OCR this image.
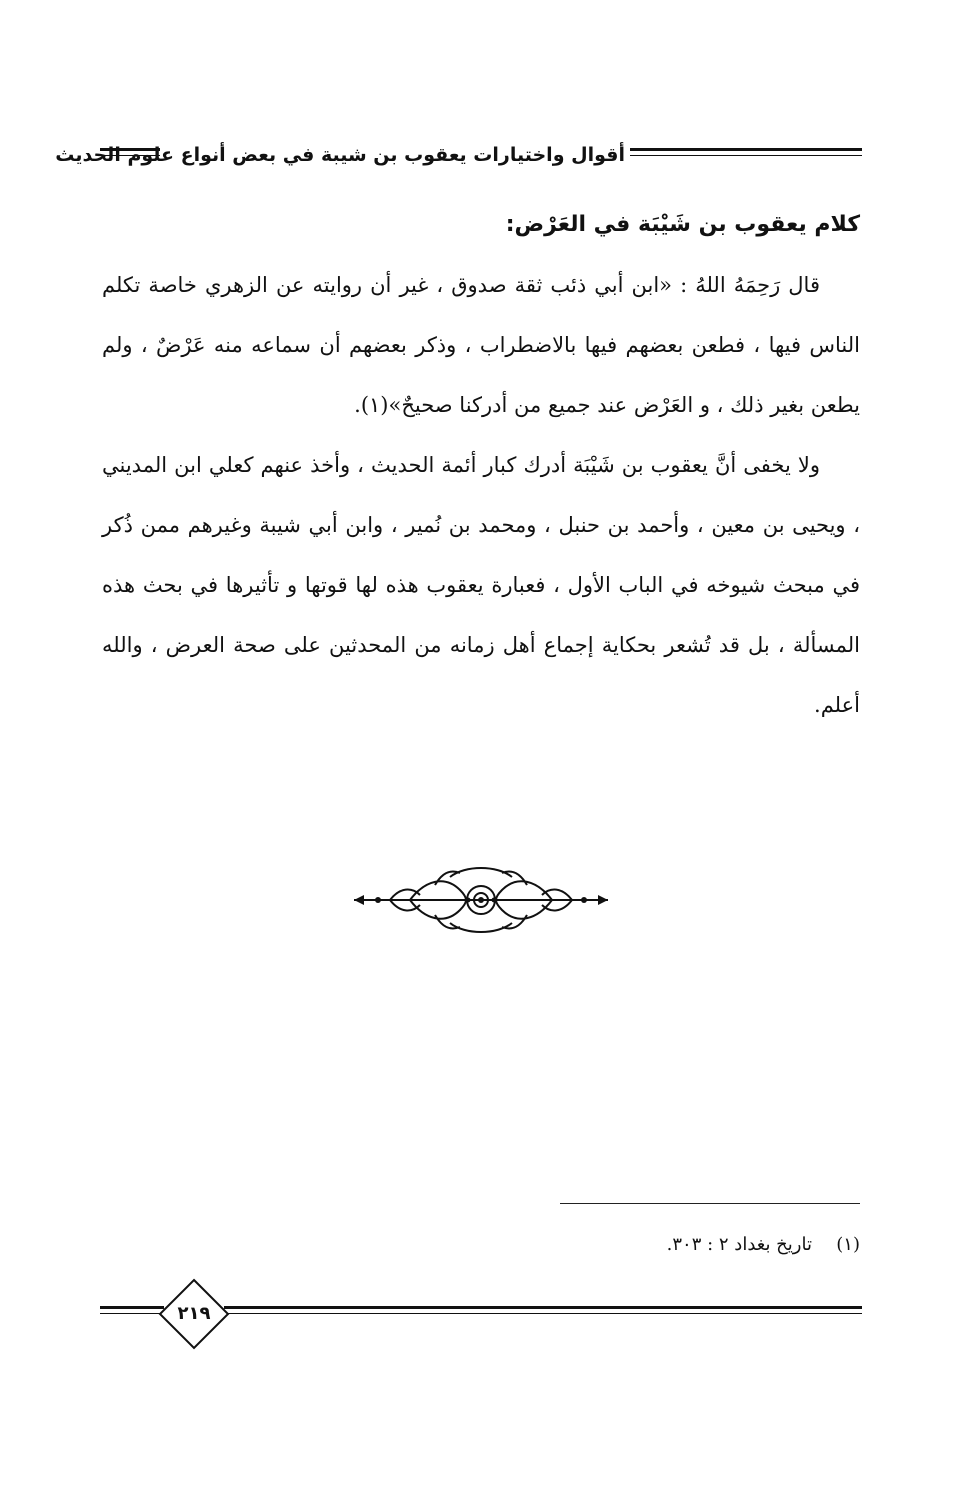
أقوال واختيارات يعقوب بن شيبة في بعض أنواع علوم الحديث
كلام يعقوب بن شَيْبَة في العَرْض:
قال رَحِمَهُ اللهُ : «ابن أبي ذئب ثقة صدوق ، غير أن روايته عن الزهري خاصة تكلم الناس فيها ، فطعن بعضهم فيها بالاضطراب ، وذكر بعضهم أن سماعه منه عَرْضٌ ، ولم يطعن بغير ذلك ، و العَرْض عند جميع من أدركنا صحيحٌ»(١).
ولا يخفى أنَّ يعقوب بن شَيْبَة أدرك كبار أئمة الحديث ، وأخذ عنهم كعلي ابن المديني ، ويحيى بن معين ، وأحمد بن حنبل ، ومحمد بن نُمير ، وابن أبي شيبة وغيرهم ممن ذُكر في مبحث شيوخه في الباب الأول ، فعبارة يعقوب هذه لها قوتها و تأثيرها في بحث هذه المسألة ، بل قد تُشعر بحكاية إجماع أهل زمانه من المحدثين على صحة العرض ، والله أعلم.
(١)تاريخ بغداد ٢ : ٣٠٣.
٢١٩
